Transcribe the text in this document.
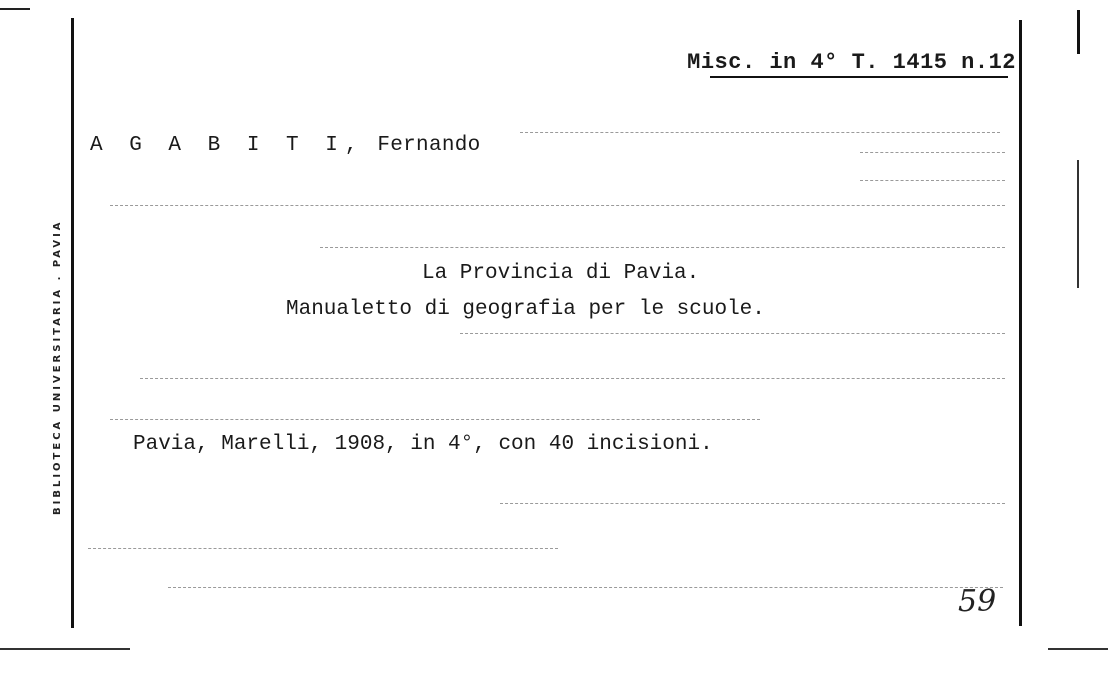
BIBLIOTECA UNIVERSITARIA . PAVIA
Misc. in 4° T. 1415 n.12
A G A B I T I, Fernando
La Provincia di Pavia.
Manualetto di geografia per le scuole.
Pavia, Marelli, 1908, in 4°, con 40 incisioni.
59
